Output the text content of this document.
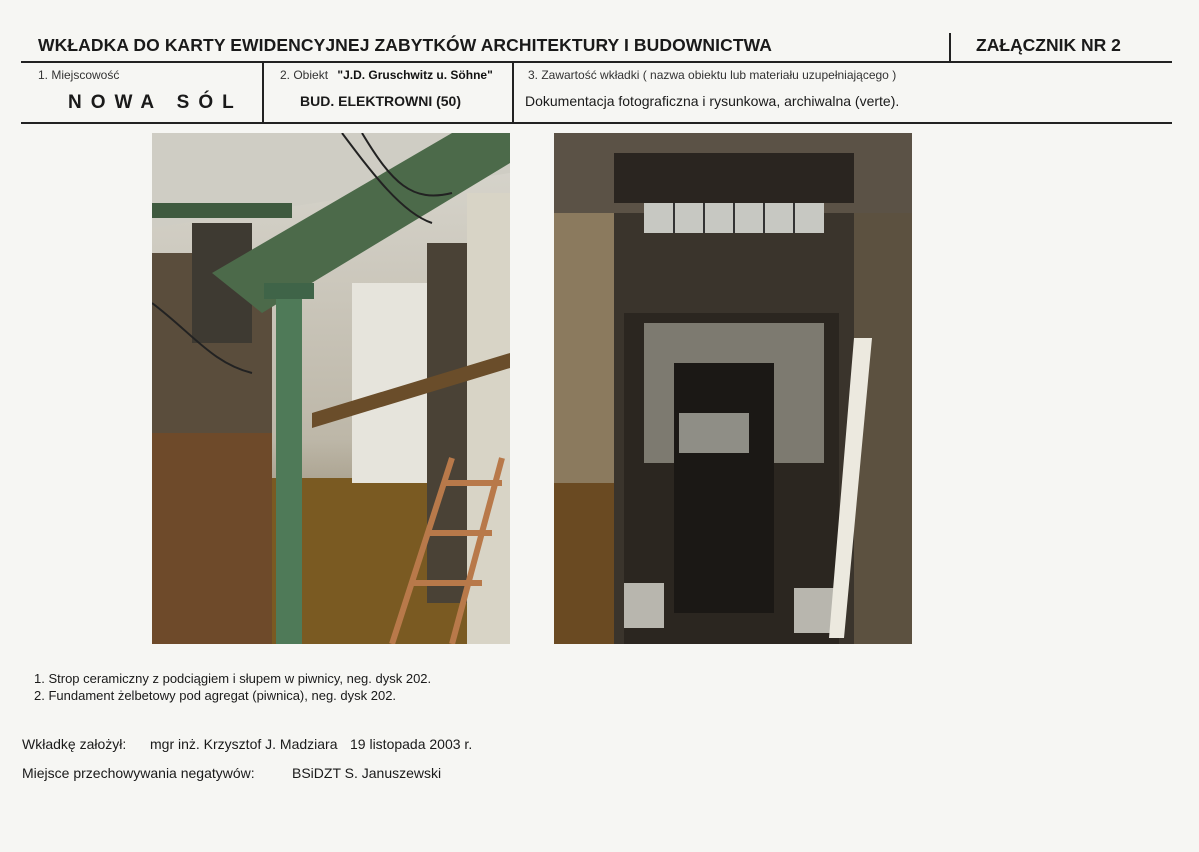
WKŁADKA DO KARTY EWIDENCYJNEJ ZABYTKÓW ARCHITEKTURY I BUDOWNICTWA	ZAŁĄCZNIK NR 2
1. Miejscowość
NOWA SÓL
2. Obiekt "J.D. Gruschwitz u. Söhne"
BUD. ELEKTROWNI (50)
3. Zawartość wkładki ( nazwa obiektu lub materiału uzupełniającego )
Dokumentacja fotograficzna i rysunkowa, archiwalna (verte).
1. Strop ceramiczny z podciągiem i słupem w piwnicy, neg. dysk 202.
2. Fundament żelbetowy pod agregat (piwnica), neg. dysk 202.
Wkładkę założył: mgr inż. Krzysztof J. Madziara 19 listopada 2003 r.
Miejsce przechowywania negatywów:	BSiDZT S. Januszewski
